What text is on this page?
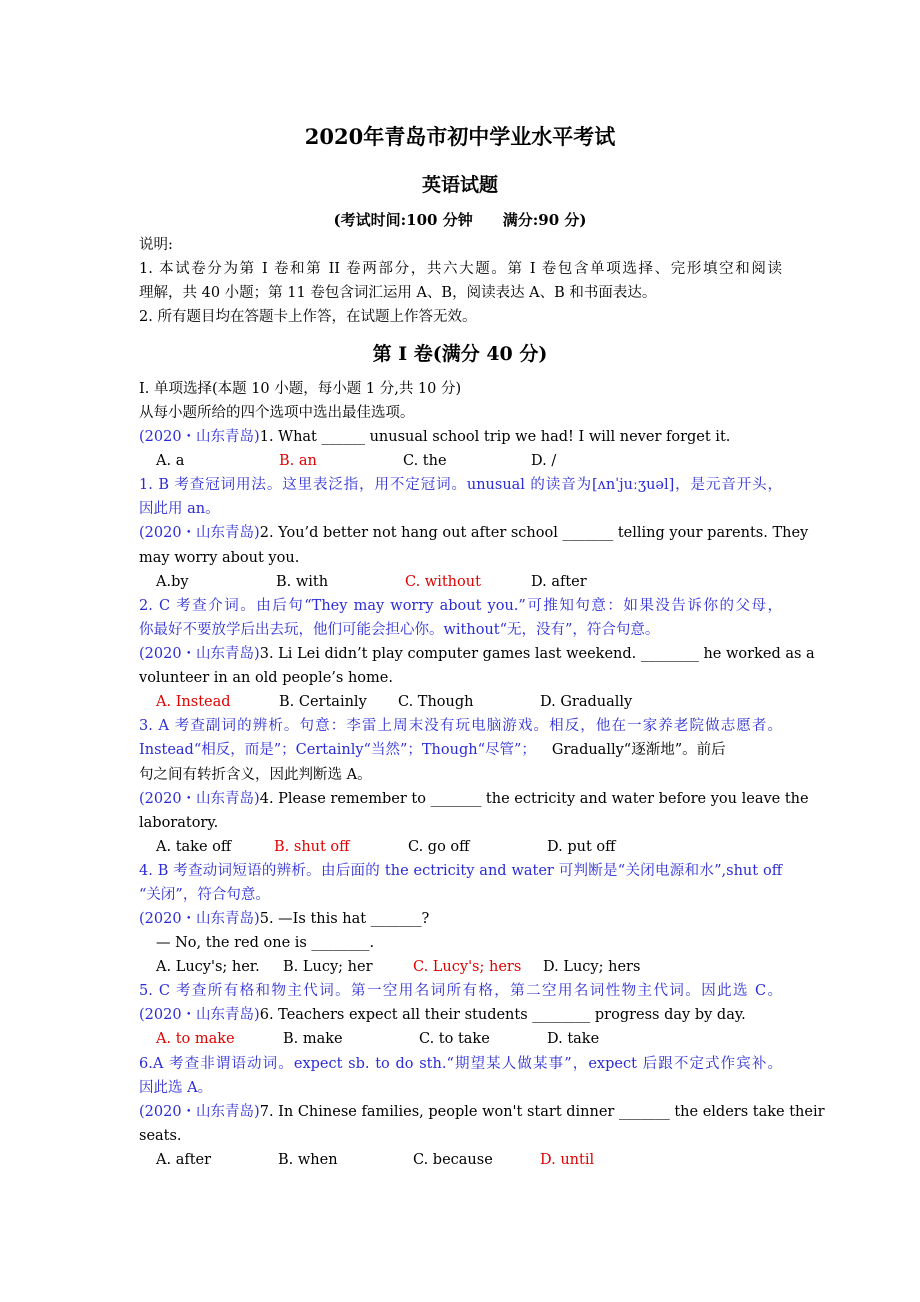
2020年青岛市初中学业水平考试
英语试题
(考试时间:100 分钟　　满分:90 分)
说明:
1. 本试卷分为第 I 卷和第 II 卷两部分，共六大题。第 I 卷包含单项选择、完形填空和阅读
理解，共 40 小题；第 11 卷包含词汇运用 A、B，阅读表达 A、B 和书面表达。
2. 所有题目均在答题卡上作答，在试题上作答无效。
第 I 卷(满分 40 分)
I. 单项选择(本题 10 小题，每小题 1 分,共 10 分)
从每小题所给的四个选项中选出最佳选项。
(2020・山东青岛)1. What ______ unusual school trip we had! I will never forget it.
A. a	B. an	C. the	D. /
1. B 考查冠词用法。这里表泛指，用不定冠词。unusual 的读音为[ʌnˈjuːʒuəl]，是元音开头，
因此用 an。
(2020・山东青岛)2. You’d better not hang out after school _______ telling your parents. They
may worry about you.
A.by	B. with	C. without	D. after
2. C 考查介词。由后句“They may worry about you.”可推知句意：如果没告诉你的父母，
你最好不要放学后出去玩，他们可能会担心你。without“无，没有”，符合句意。
(2020・山东青岛)3. Li Lei didn’t play computer games last weekend. ________ he worked as a
volunteer in an old people’s home.
A. Instead	B. Certainly C. Though	D. Gradually
3. A 考查副词的辨析。句意：李雷上周末没有玩电脑游戏。相反，他在一家养老院做志愿者。
Instead“相反，而是”；Certainly“当然”；Though“尽管”； Gradually“逐渐地”。前后
句之间有转折含义，因此判断选 A。
(2020・山东青岛)4. Please remember to _______ the ectricity and water before you leave the
laboratory.
A. take off	B. shut off	C. go off	D. put off
4. B 考查动词短语的辨析。由后面的 the ectricity and water 可判断是“关闭电源和水”,shut off
“关闭”，符合句意。
(2020・山东青岛)5. —Is this hat _______?
— No, the red one is ________.
A. Lucy's; her. B. Lucy; her	C. Lucy's; hers D. Lucy; hers
5. C 考查所有格和物主代词。第一空用名词所有格，第二空用名词性物主代词。因此选 C。
(2020・山东青岛)6. Teachers expect all their students ________ progress day by day.
A. to make	B. make	C. to take	D. take
6.A 考查非谓语动词。expect sb. to do sth.“期望某人做某事”，expect 后跟不定式作宾补。
因此选 A。
(2020・山东青岛)7. In Chinese families, people won't start dinner _______ the elders take their
seats.
A. after	B. when	C. because	D. until
